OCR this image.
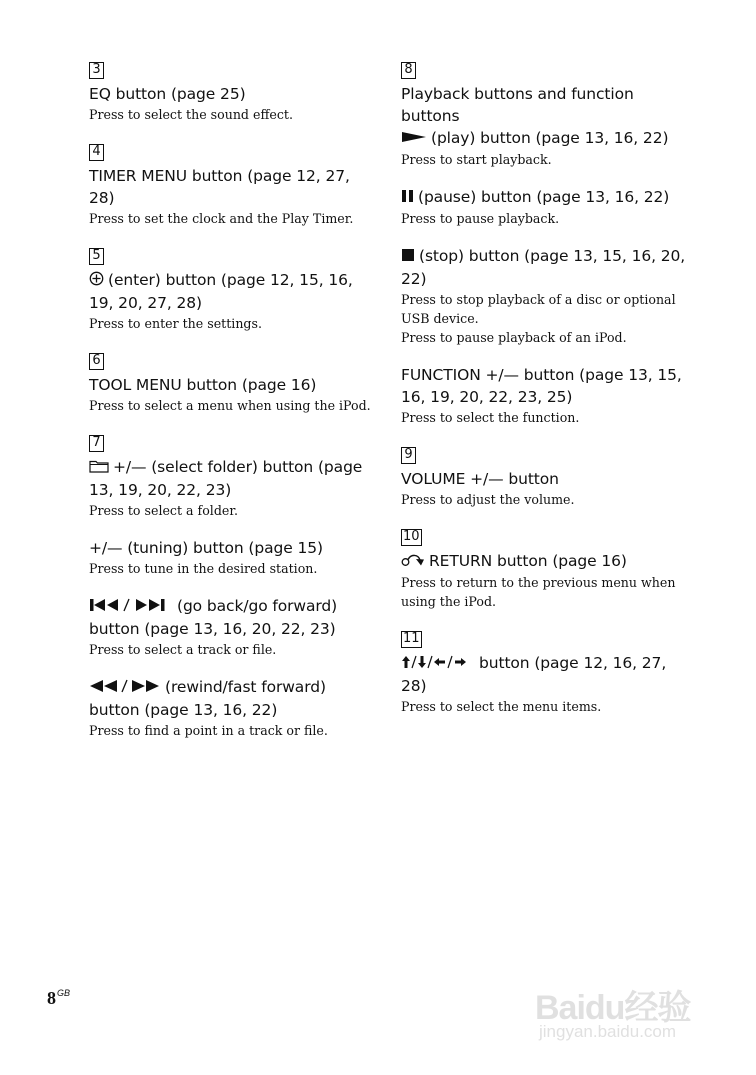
3
EQ button (page 25)
Press to select the sound effect.
4
TIMER MENU button (page 12, 27, 28)
Press to set the clock and the Play Timer.
5
(enter) button (page 12, 15, 16, 19, 20, 27, 28)
Press to enter the settings.
6
TOOL MENU button (page 16)
Press to select a menu when using the iPod.
7
+/— (select folder) button (page 13, 19, 20, 22, 23)
Press to select a folder.
+/— (tuning) button (page 15)
Press to tune in the desired station.
(go back/go forward) button (page 13, 16, 20, 22, 23)
Press to select a track or file.
(rewind/fast forward) button (page 13, 16, 22)
Press to find a point in a track or file.
8
Playback buttons and function buttons
(play) button (page 13, 16, 22)
Press to start playback.
(pause) button (page 13, 16, 22)
Press to pause playback.
(stop) button (page 13, 15, 16, 20, 22)
Press to stop playback of a disc or optional USB device.
Press to pause playback of an iPod.
FUNCTION +/— button (page 13, 15, 16, 19, 20, 22, 23, 25)
Press to select the function.
9
VOLUME +/— button
Press to adjust the volume.
10
RETURN button (page 16)
Press to return to the previous menu when using the iPod.
11
button (page 12, 16, 27, 28)
Press to select the menu items.
$8^{GB}$	Baidu经验
jingyan.baidu.com
